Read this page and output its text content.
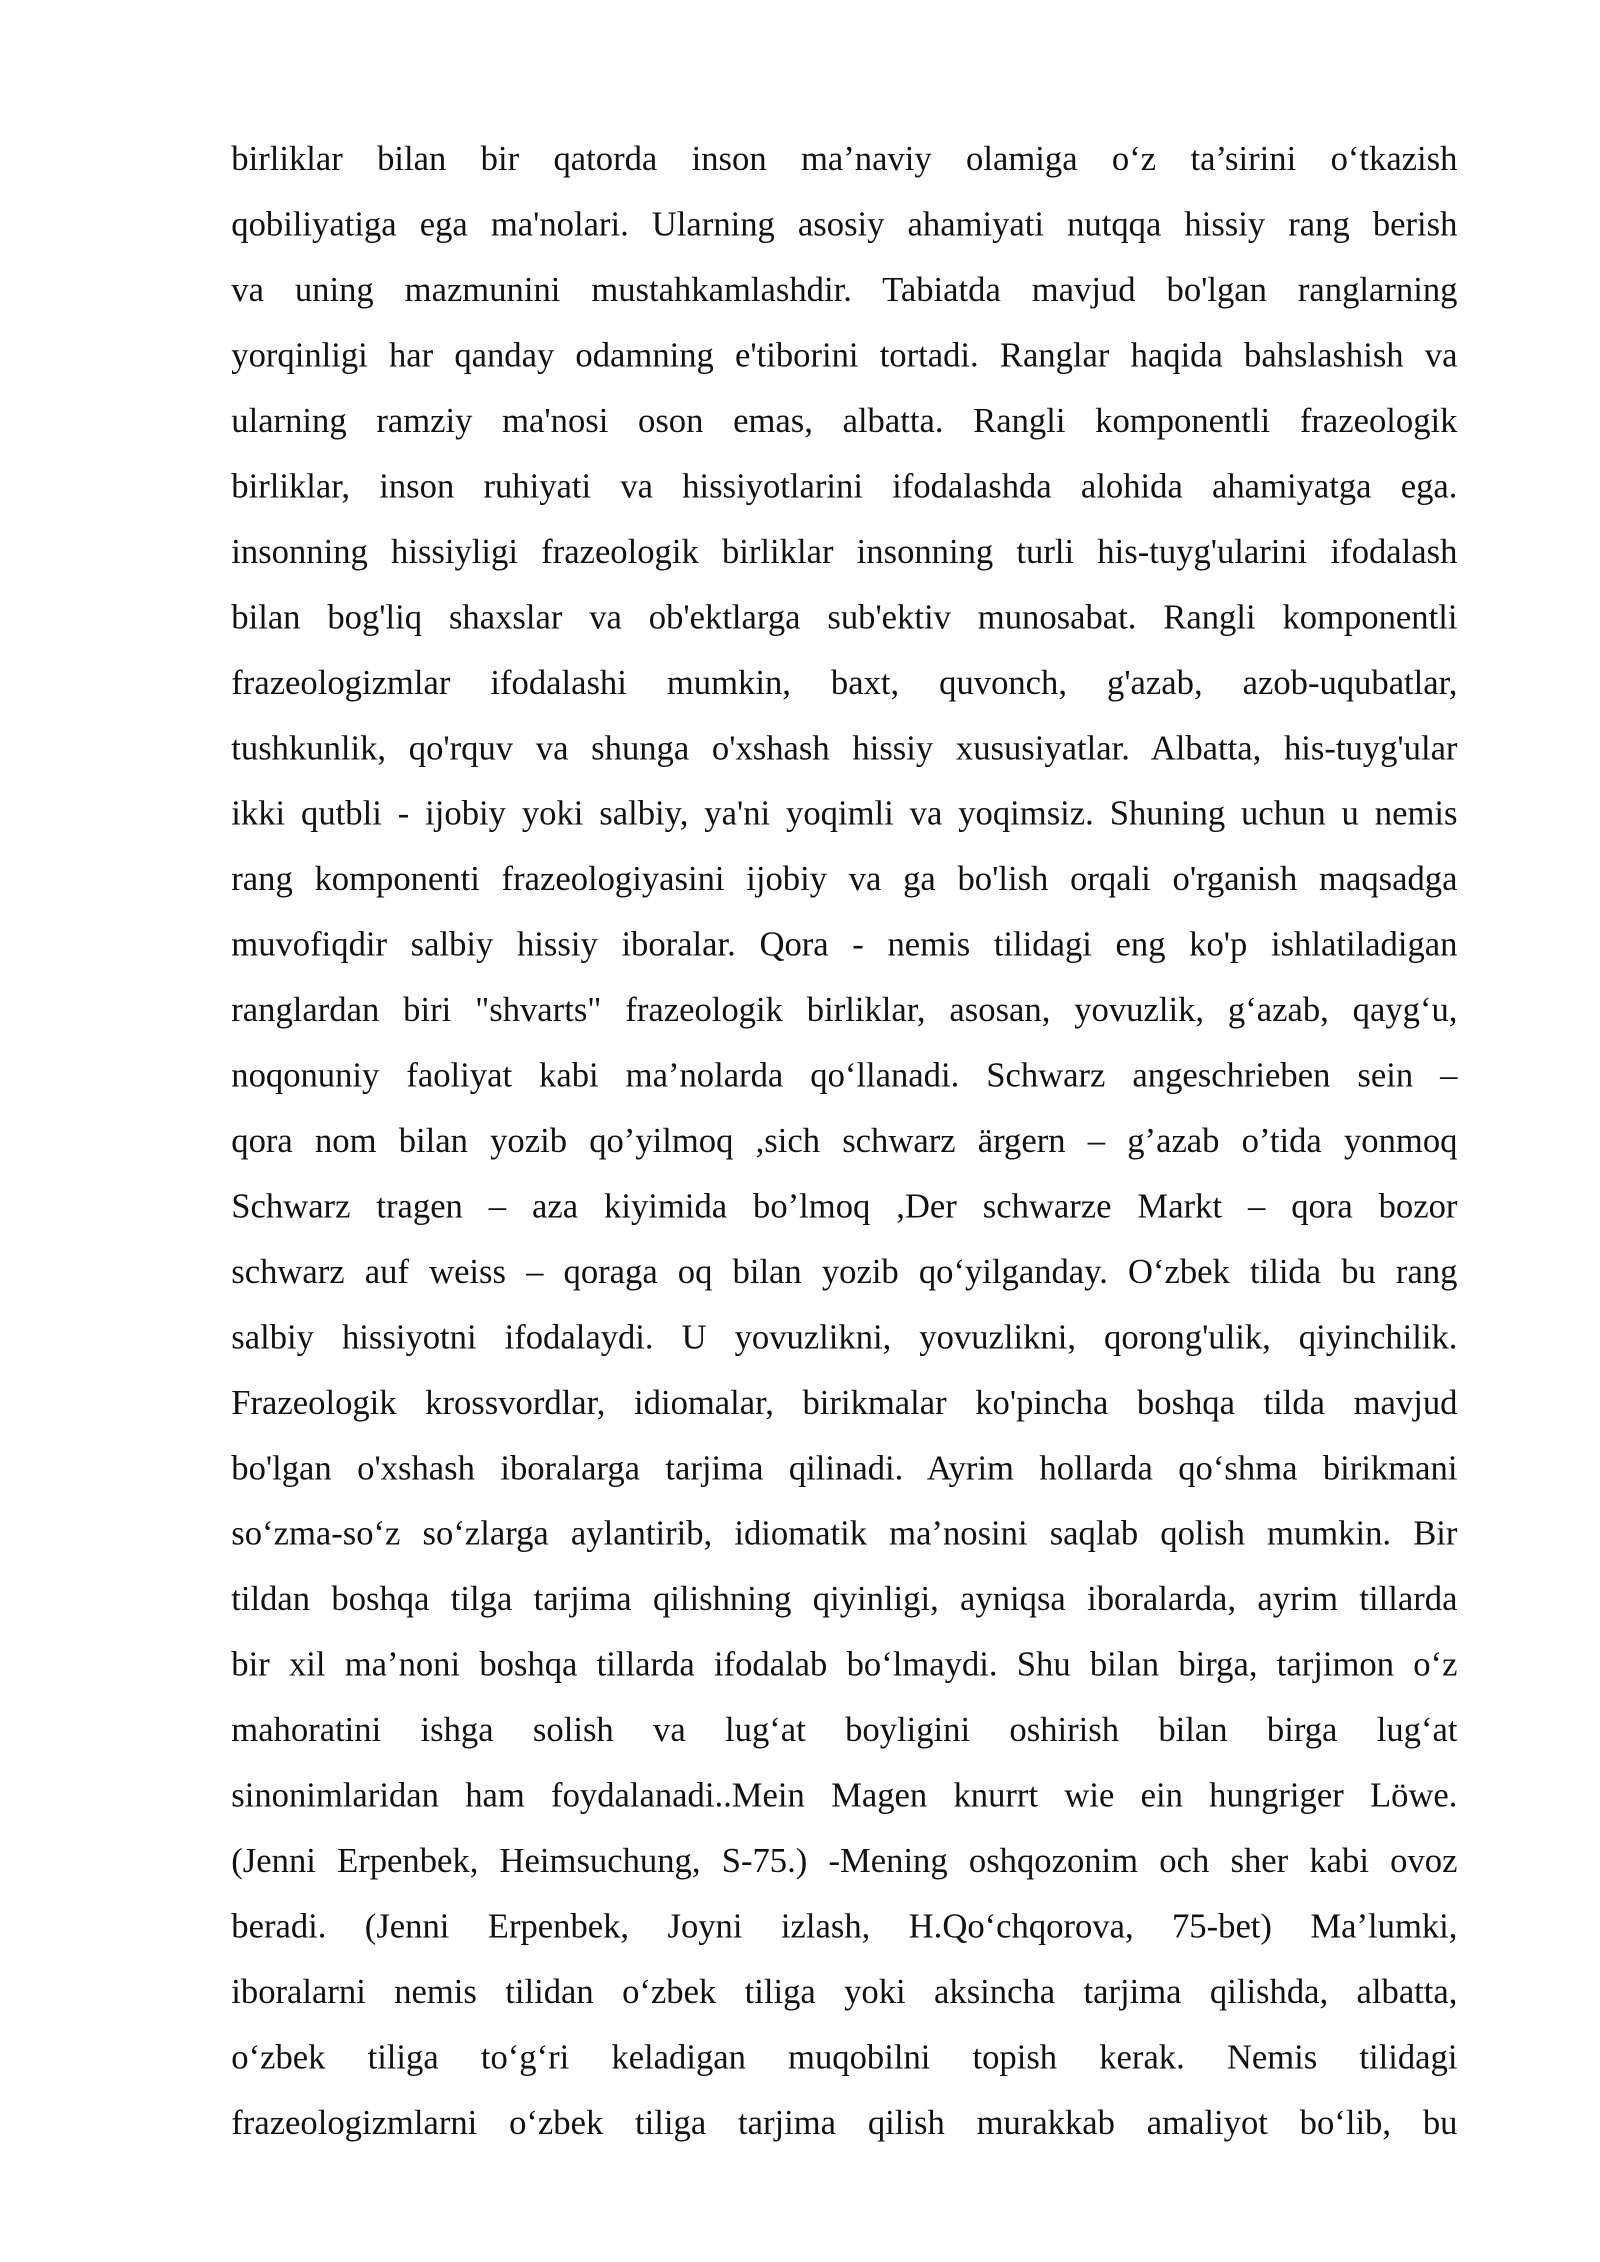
birliklar bilan bir qatorda inson ma’naviy olamiga o‘z ta’sirini o‘tkazish
qobiliyatiga ega ma'nolari. Ularning asosiy ahamiyati nutqqa hissiy rang berish
va uning mazmunini mustahkamlashdir. Tabiatda mavjud bo'lgan ranglarning
yorqinligi har qanday odamning e'tiborini tortadi. Ranglar haqida bahslashish va
ularning ramziy ma'nosi oson emas, albatta. Rangli komponentli frazeologik
birliklar, inson ruhiyati va hissiyotlarini ifodalashda alohida ahamiyatga ega.
insonning hissiyligi frazeologik birliklar insonning turli his-tuyg'ularini ifodalash
bilan bog'liq shaxslar va ob'ektlarga sub'ektiv munosabat. Rangli komponentli
frazeologizmlar ifodalashi mumkin, baxt, quvonch, g'azab, azob-uqubatlar,
tushkunlik, qo'rquv va shunga o'xshash hissiy xususiyatlar. Albatta, his-tuyg'ular
ikki qutbli - ijobiy yoki salbiy, ya'ni yoqimli va yoqimsiz. Shuning uchun u nemis
rang komponenti frazeologiyasini ijobiy va ga bo'lish orqali o'rganish maqsadga
muvofiqdir salbiy hissiy iboralar. Qora - nemis tilidagi eng ko'p ishlatiladigan
ranglardan biri "shvarts" frazeologik birliklar, asosan, yovuzlik, g‘azab, qayg‘u,
noqonuniy faoliyat kabi ma’nolarda qo‘llanadi. Schwarz angeschrieben sein –
qora nom bilan yozib qo’yilmoq ,sich schwarz ärgern – g’azab o’tida yonmoq
Schwarz tragen – aza kiyimida bo’lmoq ,Der schwarze Markt – qora bozor
schwarz auf weiss – qoraga oq bilan yozib qo‘yilganday. O‘zbek tilida bu rang
salbiy hissiyotni ifodalaydi. U yovuzlikni, yovuzlikni, qorong'ulik, qiyinchilik.
Frazeologik krossvordlar, idiomalar, birikmalar ko'pincha boshqa tilda mavjud
bo'lgan o'xshash iboralarga tarjima qilinadi. Ayrim hollarda qo‘shma birikmani
so‘zma-so‘z so‘zlarga aylantirib, idiomatik ma’nosini saqlab qolish mumkin. Bir
tildan boshqa tilga tarjima qilishning qiyinligi, ayniqsa iboralarda, ayrim tillarda
bir xil ma’noni boshqa tillarda ifodalab bo‘lmaydi. Shu bilan birga, tarjimon o‘z
mahoratini ishga solish va lug‘at boyligini oshirish bilan birga lug‘at
sinonimlaridan ham foydalanadi..Mein Magen knurrt wie ein hungriger Löwe.
(Jenni Erpenbek, Heimsuchung, S-75.) -Mening oshqozonim och sher kabi ovoz
beradi. (Jenni Erpenbek, Joyni izlash, H.Qo‘chqorova, 75-bet) Ma’lumki,
iboralarni nemis tilidan o‘zbek tiliga yoki aksincha tarjima qilishda, albatta,
o‘zbek tiliga to‘g‘ri keladigan muqobilni topish kerak. Nemis tilidagi
frazeologizmlarni o‘zbek tiliga tarjima qilish murakkab amaliyot bo‘lib, bu
